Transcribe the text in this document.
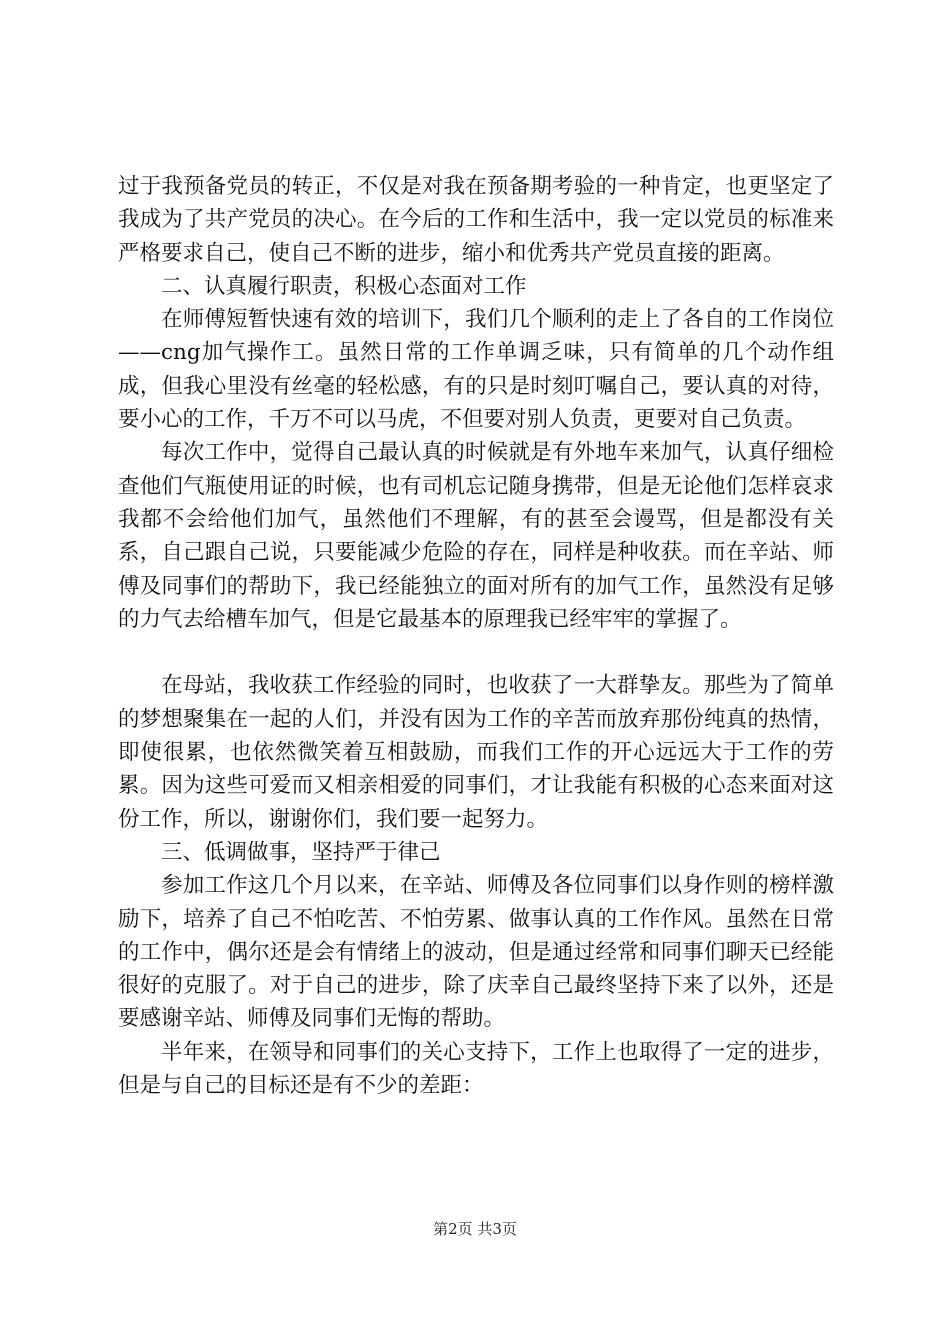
过于我预备党员的转正，不仅是对我在预备期考验的一种肯定，也更坚定了我成为了共产党员的决心。在今后的工作和生活中，我一定以党员的标准来严格要求自己，使自己不断的进步，缩小和优秀共产党员直接的距离。

二、认真履行职责，积极心态面对工作

在师傅短暂快速有效的培训下，我们几个顺利的走上了各自的工作岗位——cng加气操作工。虽然日常的工作单调乏味，只有简单的几个动作组成，但我心里没有丝毫的轻松感，有的只是时刻叮嘱自己，要认真的对待，要小心的工作，千万不可以马虎，不但要对别人负责，更要对自己负责。

每次工作中，觉得自己最认真的时候就是有外地车来加气，认真仔细检查他们气瓶使用证的时候，也有司机忘记随身携带，但是无论他们怎样哀求我都不会给他们加气，虽然他们不理解，有的甚至会谩骂，但是都没有关系，自己跟自己说，只要能减少危险的存在，同样是种收获。而在辛站、师傅及同事们的帮助下，我已经能独立的面对所有的加气工作，虽然没有足够的力气去给槽车加气，但是它最基本的原理我已经牢牢的掌握了。

在母站，我收获工作经验的同时，也收获了一大群挚友。那些为了简单的梦想聚集在一起的人们，并没有因为工作的辛苦而放弃那份纯真的热情，即使很累，也依然微笑着互相鼓励，而我们工作的开心远远大于工作的劳累。因为这些可爱而又相亲相爱的同事们，才让我能有积极的心态来面对这份工作，所以，谢谢你们，我们要一起努力。

三、低调做事，坚持严于律己

参加工作这几个月以来，在辛站、师傅及各位同事们以身作则的榜样激励下，培养了自己不怕吃苦、不怕劳累、做事认真的工作作风。虽然在日常的工作中，偶尔还是会有情绪上的波动，但是通过经常和同事们聊天已经能很好的克服了。对于自己的进步，除了庆幸自己最终坚持下来了以外，还是要感谢辛站、师傅及同事们无悔的帮助。

半年来，在领导和同事们的关心支持下，工作上也取得了一定的进步，但是与自己的目标还是有不少的差距：

第2页 共3页
